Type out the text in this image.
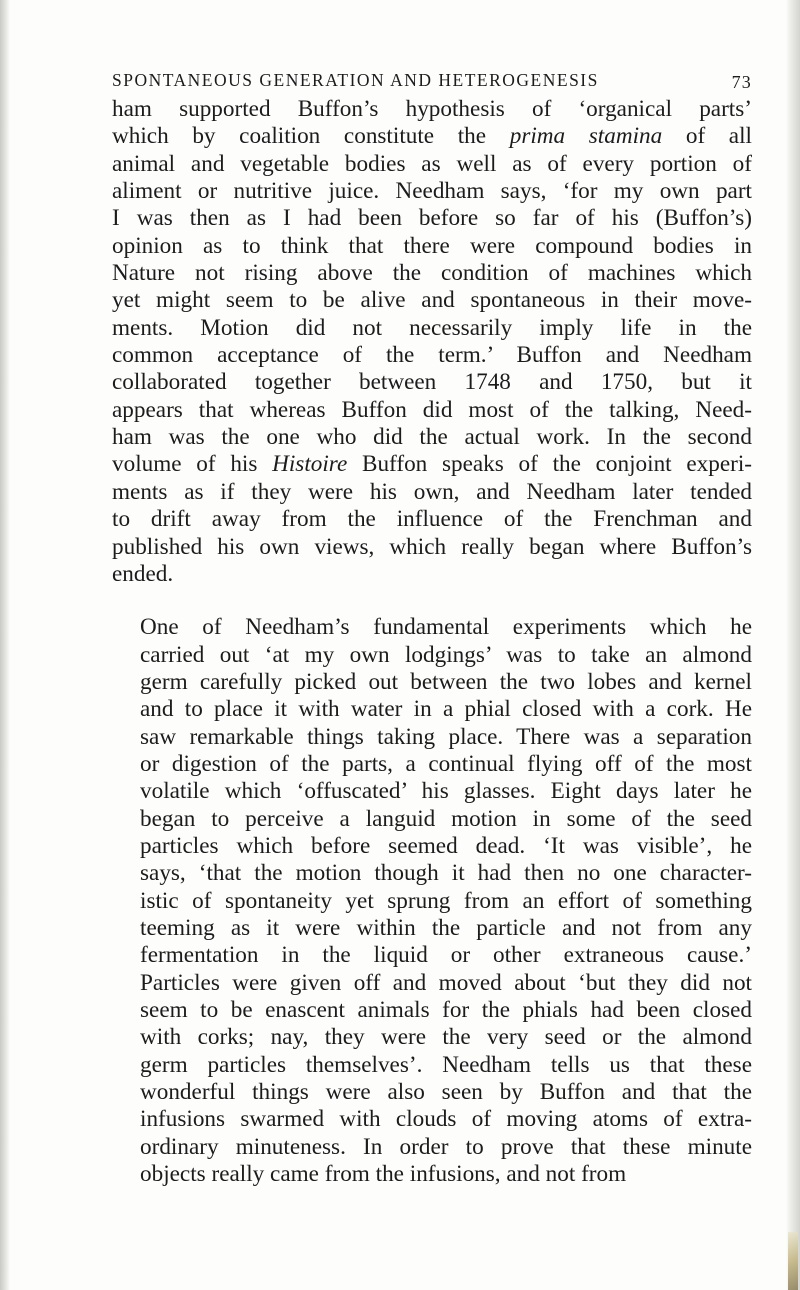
SPONTANEOUS GENERATION AND HETEROGENESIS	73

ham supported Buffon’s hypothesis of ‘organical parts’
which by coalition constitute the prima stamina of all
animal and vegetable bodies as well as of every portion of
aliment or nutritive juice. Needham says, ‘for my own part
I was then as I had been before so far of his (Buffon’s)
opinion as to think that there were compound bodies in
Nature not rising above the condition of machines which
yet might seem to be alive and spontaneous in their move-
ments. Motion did not necessarily imply life in the
common acceptance of the term.’ Buffon and Needham
collaborated together between 1748 and 1750, but it
appears that whereas Buffon did most of the talking, Need-
ham was the one who did the actual work. In the second
volume of his Histoire Buffon speaks of the conjoint experi-
ments as if they were his own, and Needham later tended
to drift away from the influence of the Frenchman and
published his own views, which really began where Buffon’s
ended.

One of Needham’s fundamental experiments which he
carried out ‘at my own lodgings’ was to take an almond
germ carefully picked out between the two lobes and kernel
and to place it with water in a phial closed with a cork. He
saw remarkable things taking place. There was a separation
or digestion of the parts, a continual flying off of the most
volatile which ‘offuscated’ his glasses. Eight days later he
began to perceive a languid motion in some of the seed
particles which before seemed dead. ‘It was visible’, he
says, ‘that the motion though it had then no one character-
istic of spontaneity yet sprung from an effort of something
teeming as it were within the particle and not from any
fermentation in the liquid or other extraneous cause.’
Particles were given off and moved about ‘but they did not
seem to be enascent animals for the phials had been closed
with corks; nay, they were the very seed or the almond
germ particles themselves’. Needham tells us that these
wonderful things were also seen by Buffon and that the
infusions swarmed with clouds of moving atoms of extra-
ordinary minuteness. In order to prove that these minute
objects really came from the infusions, and not from
